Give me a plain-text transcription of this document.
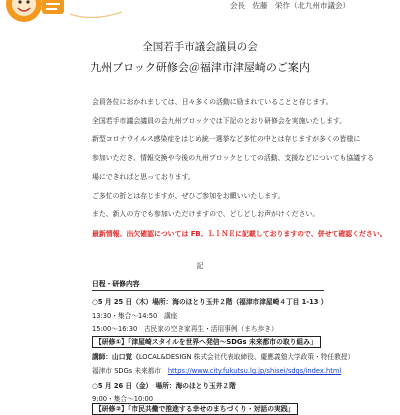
会長　佐藤　栄作（北九州市議会）
全国若手市議会議員の会
九州ブロック研修会＠福津市津屋崎のご案内
会員各位におかれましては、日々多くの活動に励まれていることと存じます。
全国若手市議会議員の会九州ブロックでは下記のとおり研修会を実施いたします。
新型コロナウイルス感染症をはじめ統一選挙など多忙の中とは存じますが多くの皆様に
参加いただき、情報交換や今後の九州ブロックとしての活動、支援などについても協議する
場にできればと思っております。
ご多忙の折とは存じますが、ぜひご参加をお願いいたします。
また、新人の方でも参加いただけますので、どしどしお声がけください。
最新情報、出欠確認については FB、ＬＩＮＥに記載しておりますので、併せて確認ください。
記
日程・研修内容
○5 月 25 日（木）場所：海のほとり玉井２階（福津市津屋崎４丁目 1-13 ）
13:30・集合〜14:50　講座
15:00〜16:30　古民家の空き家再生・活用事例（まち歩き）
【研修①】「津屋崎スタイルを世界へ発信〜SDGs 未来都市の取り組み」
講師：山口覚（LOCAL&DESIGN 株式会社代表取締役、慶應義塾大学政策・特任教授）
福津市 SDGs 未来都市　https://www.city.fukutsu.lg.jp/shisei/sdgs/index.html
○5 月 26 日（金）　場所：海のほとり玉井２階
9:00・集合〜10:00
【研修②】「市民共働で推進する幸せのまちづくり・対話の実践」
